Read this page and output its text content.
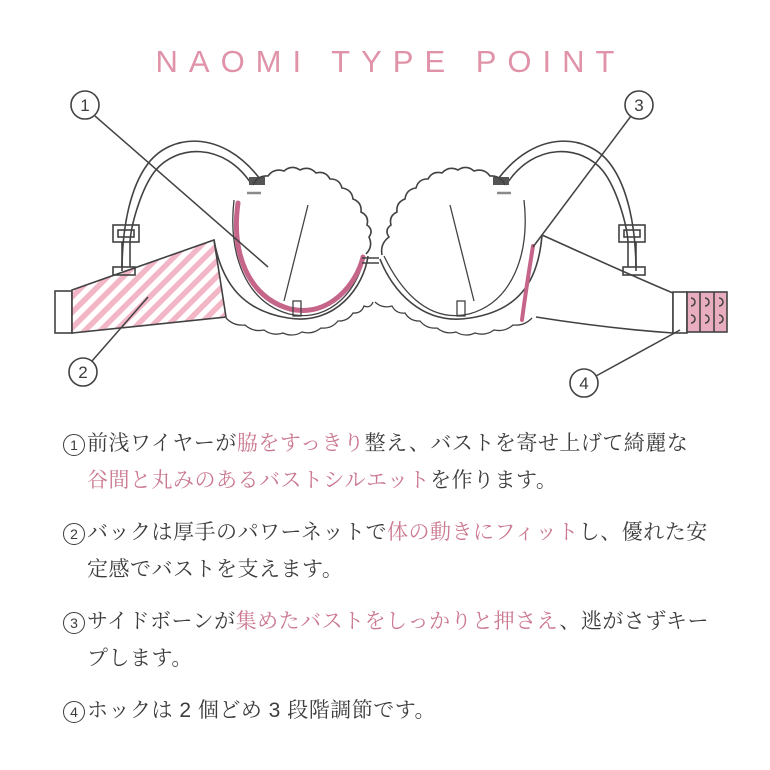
NAOMI TYPE POINT
1
2
3
4
1 前浅ワイヤーが脇をすっきり整え、バストを寄せ上げて綺麗な
谷間と丸みのあるバストシルエットを作ります。
2 バックは厚手のパワーネットで体の動きにフィットし、優れた安
定感でバストを支えます。
3 サイドボーンが集めたバストをしっかりと押さえ、逃がさずキー
プします。
4 ホックは 2 個どめ 3 段階調節です。
